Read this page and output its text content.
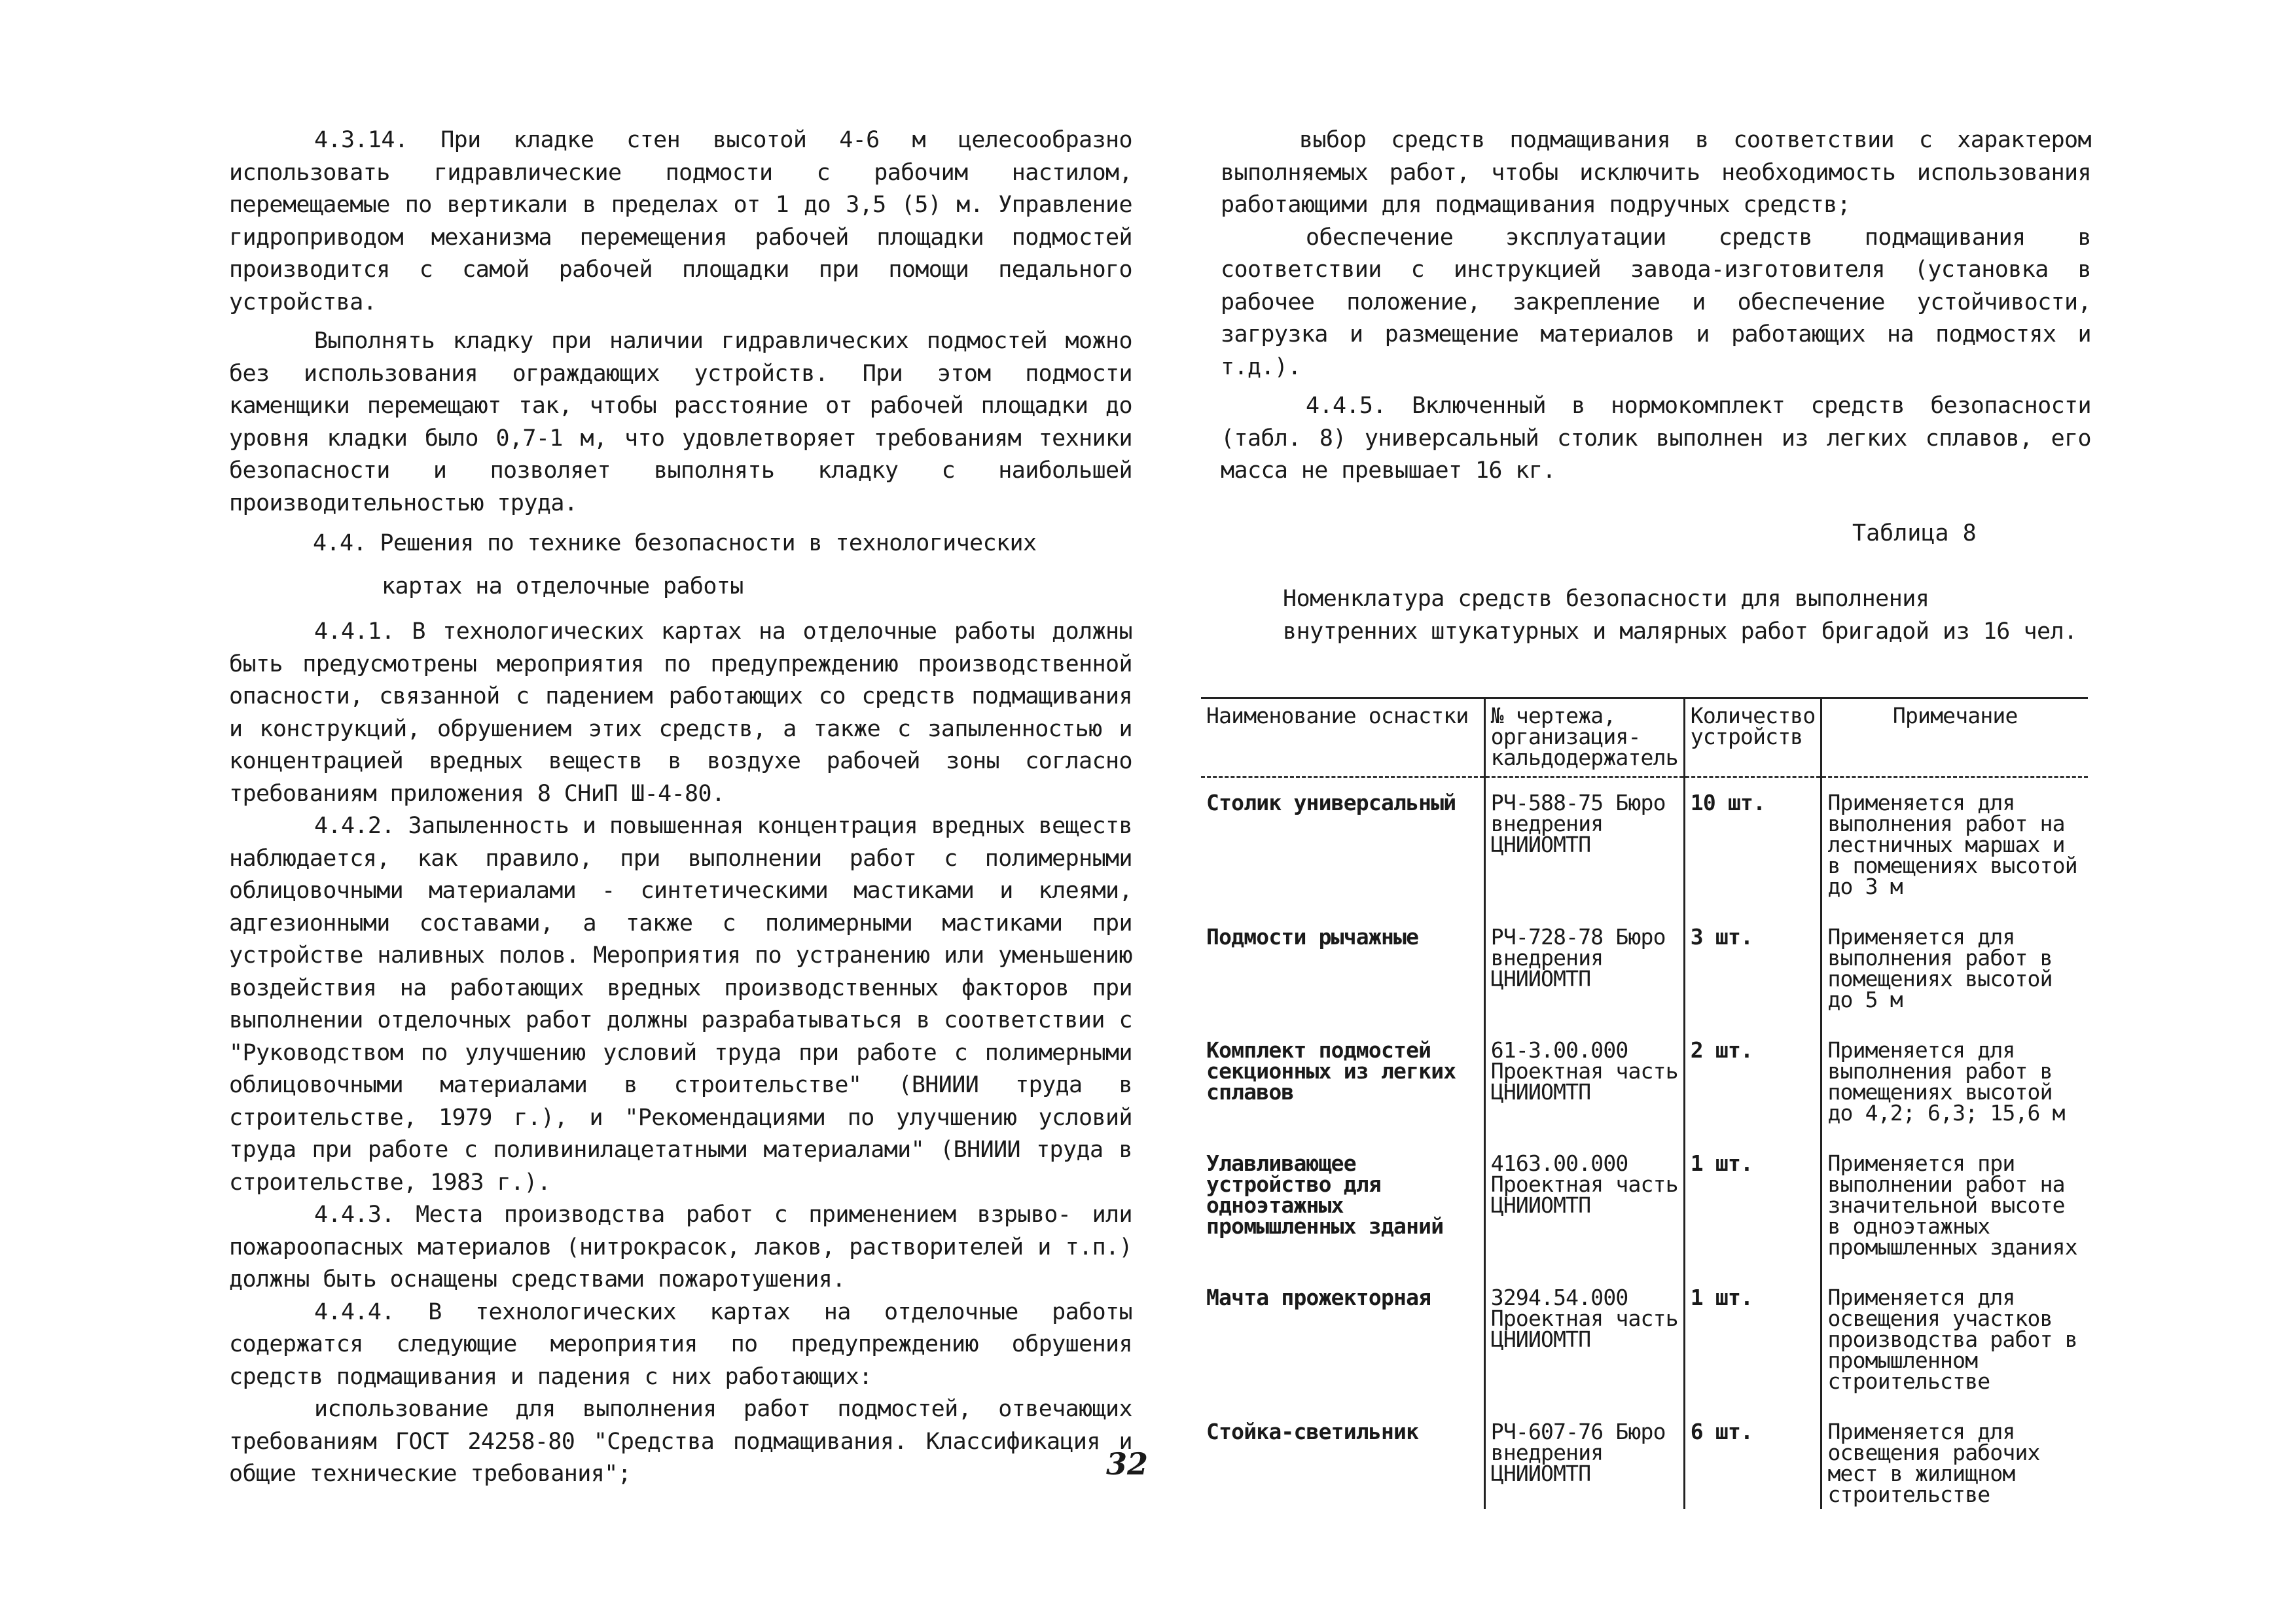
4.3.14. При кладке стен высотой 4-6 м целесообразно использовать гидравлические подмости с рабочим настилом, перемещаемые по вертикали в пределах от 1 до 3,5 (5) м. Управление гидроприводом механизма перемещения рабочей площадки подмостей производится с самой рабочей площадки при помощи педального устройства.

Выполнять кладку при наличии гидравлических подмостей можно без использования ограждающих устройств. При этом подмости каменщики перемещают так, чтобы расстояние от рабочей площадки до уровня кладки было 0,7-1 м, что удовлетворяет требованиям техники безопасности и позволяет выполнять кладку с наибольшей производительностью труда.

4.4. Решения по технике безопасности в технологических
картах на отделочные работы

4.4.1. В технологических картах на отделочные работы должны быть предусмотрены мероприятия по предупреждению производственной опасности, связанной с падением работающих со средств подмащивания и конструкций, обрушением этих средств, а также с запыленностью и концентрацией вредных веществ в воздухе рабочей зоны согласно требованиям приложения 8 СНиП Ш-4-80.

4.4.2. Запыленность и повышенная концентрация вредных веществ наблюдается, как правило, при выполнении работ с полимерными облицовочными материалами - синтетическими мастиками и клеями, адгезионными составами, а также с полимерными мастиками при устройстве наливных полов. Мероприятия по устранению или уменьшению воздействия на работающих вредных производственных факторов при выполнении отделочных работ должны разрабатываться в соответствии с "Руководством по улучшению условий труда при работе с полимерными облицовочными материалами в строительстве" (ВНИИИ труда в строительстве, 1979 г.), и "Рекомендациями по улучшению условий труда при работе с поливинилацетатными материалами" (ВНИИИ труда в строительстве, 1983 г.).

4.4.3. Места производства работ с применением взрыво- или пожароопасных материалов (нитрокрасок, лаков, растворителей и т.п.) должны быть оснащены средствами пожаротушения.

4.4.4. В технологических картах на отделочные работы содержатся следующие мероприятия по предупреждению обрушения средств подмащивания и падения с них работающих:

использование для выполнения работ подмостей, отвечающих требованиям ГОСТ 24258-80 "Средства подмащивания. Классификация и общие технические требования";

выбор средств подмащивания в соответствии с характером выполняемых работ, чтобы исключить необходимость использования работающими для подмащивания подручных средств;

обеспечение эксплуатации средств подмащивания в соответствии с инструкцией завода-изготовителя (установка в рабочее положение, закрепление и обеспечение устойчивости, загрузка и размещение материалов и работающих на подмостях и т.д.).

4.4.5. Включенный в нормокомплект средств безопасности (табл. 8) универсальный столик выполнен из легких сплавов, его масса не превышает 16 кг.

Таблица 8
Номенклатура средств безопасности для выполнения
внутренних штукатурных и малярных работ бригадой из 16 чел.
Наименование оснастки	№ чертежа, организация-кальдодержатель	Количество устройств	Примечание
Столик универсальный	РЧ-588-75 Бюро внедрения ЦНИИОМТП	10 шт.	Применяется для выполнения работ на лестничных маршах и в помещениях высотой до 3 м
Подмости рычажные	РЧ-728-78 Бюро внедрения ЦНИИОМТП	3 шт.	Применяется для выполнения работ в помещениях высотой до 5 м
Комплект подмостей секционных из легких сплавов	61-3.00.000 Проектная часть ЦНИИОМТП	2 шт.	Применяется для выполнения работ в помещениях высотой до 4,2; 6,3; 15,6 м
Улавливающее устройство для одноэтажных промышленных зданий	4163.00.000 Проектная часть ЦНИИОМТП	1 шт.	Применяется при выполнении работ на значительной высоте в одноэтажных промышленных зданиях
Мачта прожекторная	3294.54.000 Проектная часть ЦНИИОМТП	1 шт.	Применяется для освещения участков производства работ в промышленном строительстве
Стойка-светильник	РЧ-607-76 Бюро внедрения ЦНИИОМТП	6 шт.	Применяется для освещения рабочих мест в жилищном строительстве
32
